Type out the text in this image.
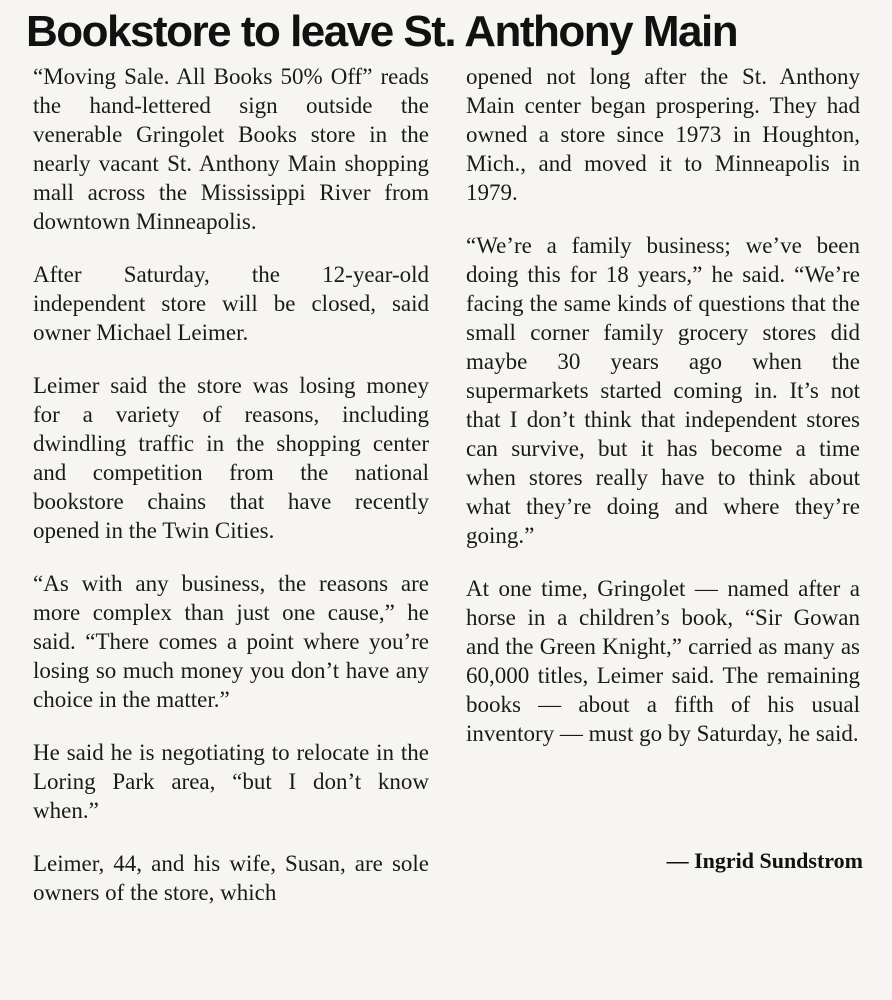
Bookstore to leave St. Anthony Main

“Moving Sale. All Books 50% Off” reads the hand-lettered sign outside the venerable Gringolet Books store in the nearly vacant St. Anthony Main shopping mall across the Mississippi River from downtown Minneapolis.

After Saturday, the 12-year-old independent store will be closed, said owner Michael Leimer.

Leimer said the store was losing money for a variety of reasons, including dwindling traffic in the shopping center and competition from the national bookstore chains that have recently opened in the Twin Cities.

“As with any business, the reasons are more complex than just one cause,” he said. “There comes a point where you’re losing so much money you don’t have any choice in the matter.”

He said he is negotiating to relocate in the Loring Park area, “but I don’t know when.”

Leimer, 44, and his wife, Susan, are sole owners of the store, which

opened not long after the St. Anthony Main center began prospering. They had owned a store since 1973 in Houghton, Mich., and moved it to Minneapolis in 1979.

“We’re a family business; we’ve been doing this for 18 years,” he said. “We’re facing the same kinds of questions that the small corner family grocery stores did maybe 30 years ago when the supermarkets started coming in. It’s not that I don’t think that independent stores can survive, but it has become a time when stores really have to think about what they’re doing and where they’re going.”

At one time, Gringolet — named after a horse in a children’s book, “Sir Gowan and the Green Knight,” carried as many as 60,000 titles, Leimer said. The remaining books — about a fifth of his usual inventory — must go by Saturday, he said.

— Ingrid Sundstrom
